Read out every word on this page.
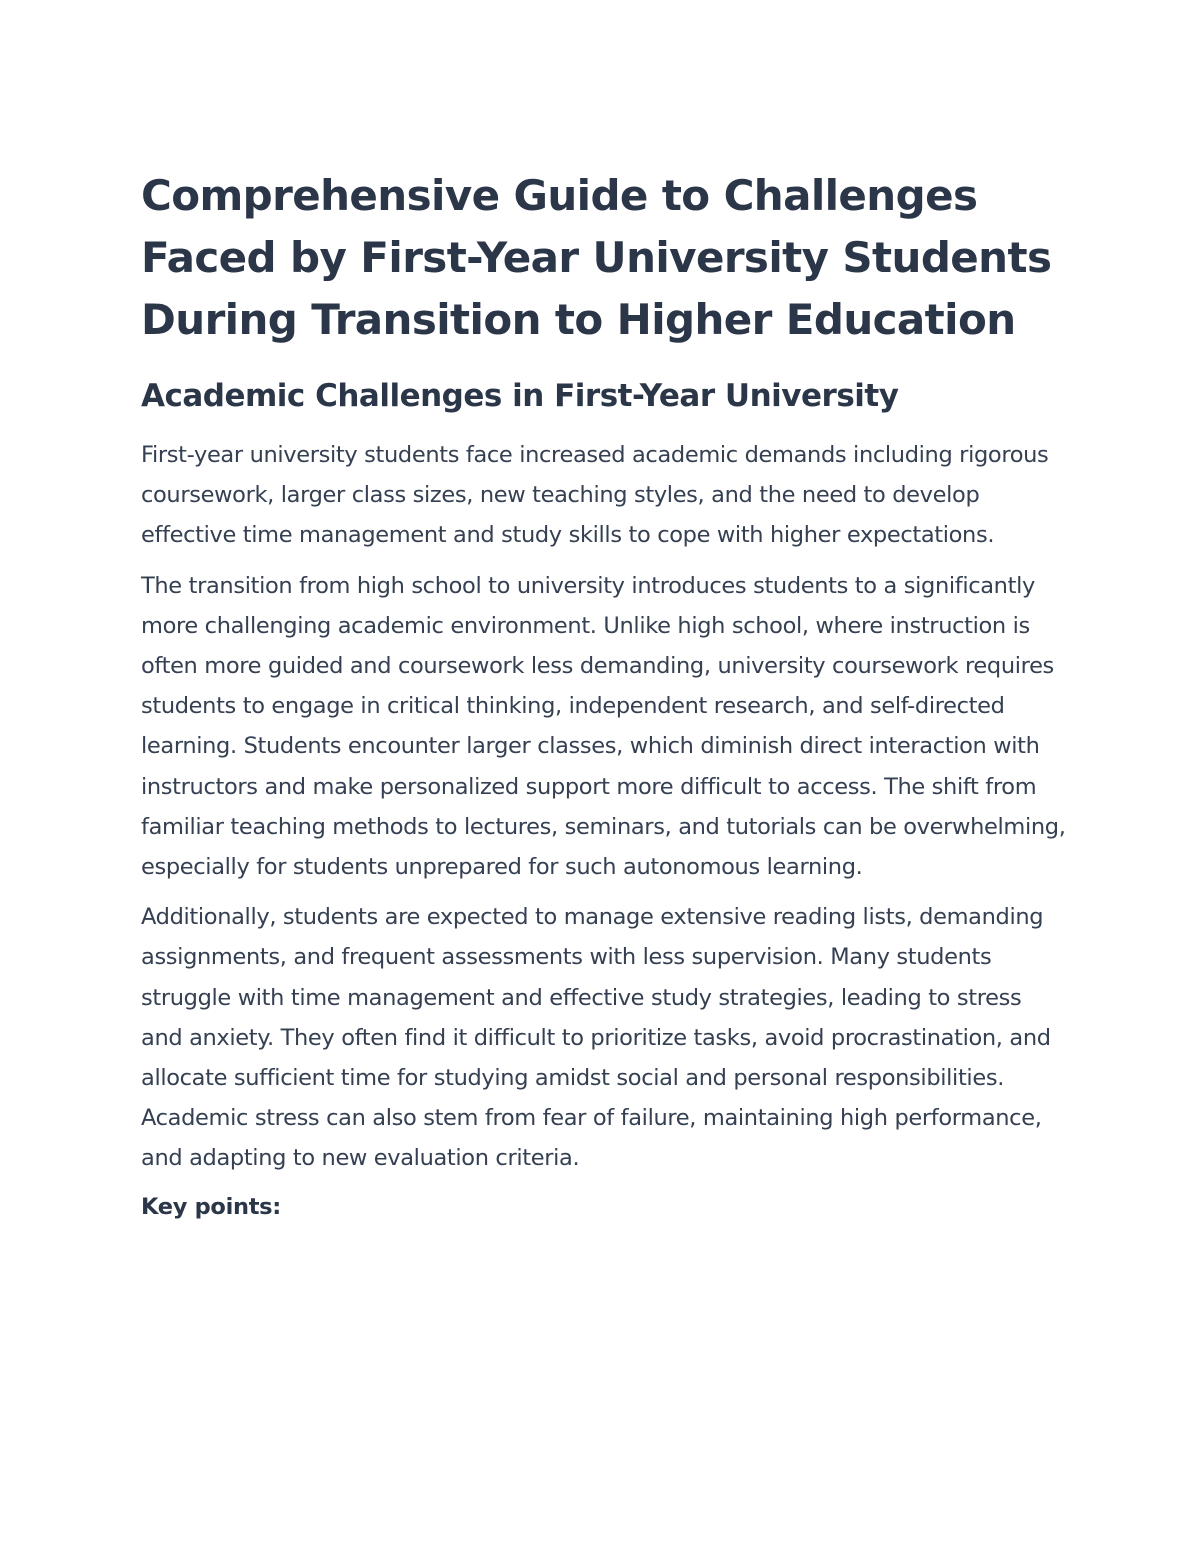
Comprehensive Guide to Challenges Faced by First-Year University Students During Transition to Higher Education
Academic Challenges in First-Year University

First-year university students face increased academic demands including rigorous coursework, larger class sizes, new teaching styles, and the need to develop effective time management and study skills to cope with higher expectations.

The transition from high school to university introduces students to a significantly more challenging academic environment. Unlike high school, where instruction is often more guided and coursework less demanding, university coursework requires students to engage in critical thinking, independent research, and self-directed learning. Students encounter larger classes, which diminish direct interaction with instructors and make personalized support more difficult to access. The shift from familiar teaching methods to lectures, seminars, and tutorials can be overwhelming, especially for students unprepared for such autonomous learning.

Additionally, students are expected to manage extensive reading lists, demanding assignments, and frequent assessments with less supervision. Many students struggle with time management and effective study strategies, leading to stress and anxiety. They often find it difficult to prioritize tasks, avoid procrastination, and allocate sufficient time for studying amidst social and personal responsibilities. Academic stress can also stem from fear of failure, maintaining high performance, and adapting to new evaluation criteria.

Key points:
